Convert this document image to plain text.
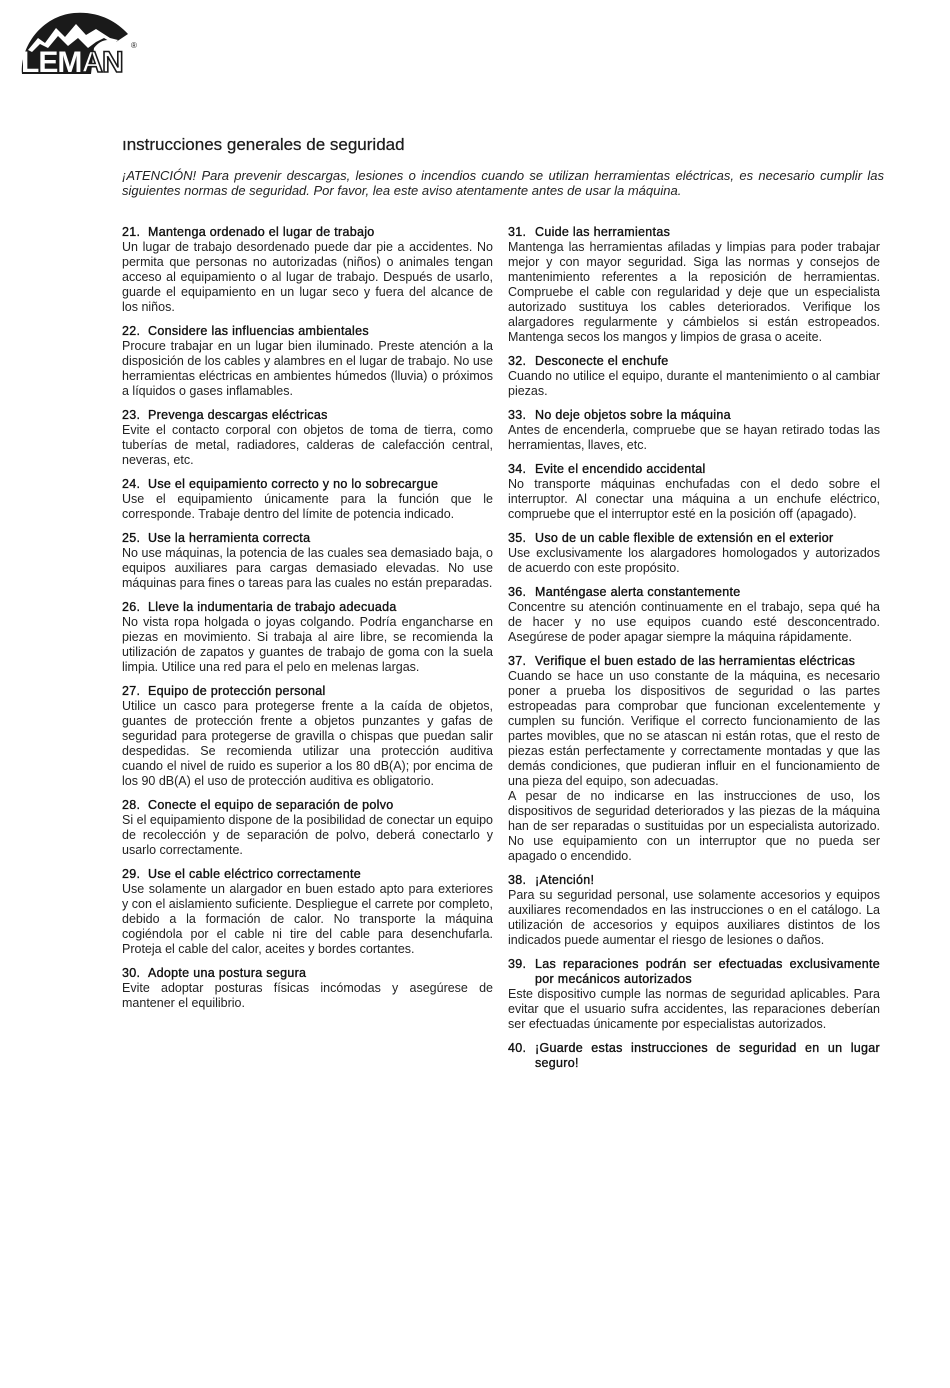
LEMAN
®
ınstrucciones generales de seguridad

¡ATENCIÓN! Para prevenir descargas, lesiones o incendios cuando se utilizan herramientas eléctricas, es necesario cumplir las siguientes normas de seguridad. Por favor, lea este aviso atentamente antes de usar la máquina.

21. Mantenga ordenado el lugar de trabajo

Un lugar de trabajo desordenado puede dar pie a accidentes. No permita que personas no autorizadas (niños) o animales tengan acceso al equipamiento o al lugar de trabajo. Después de usarlo, guarde el equipamiento en un lugar seco y fuera del alcance de los niños.

22. Considere las influencias ambientales

Procure trabajar en un lugar bien iluminado. Preste atención a la disposición de los cables y alambres en el lugar de trabajo. No use herramientas eléctricas en ambientes húmedos (lluvia) o próximos a líquidos o gases inflamables.

23. Prevenga descargas eléctricas

Evite el contacto corporal con objetos de toma de tierra, como tuberías de metal, radiadores, calderas de calefacción central, neveras, etc.

24. Use el equipamiento correcto y no lo sobrecargue

Use el equipamiento únicamente para la función que le corresponde. Trabaje dentro del límite de potencia indicado.

25. Use la herramienta correcta

No use máquinas, la potencia de las cuales sea demasiado baja, o equipos auxiliares para cargas demasiado elevadas. No use máquinas para fines o tareas para las cuales no están preparadas.

26. Lleve la indumentaria de trabajo adecuada

No vista ropa holgada o joyas colgando. Podría engancharse en piezas en movimiento. Si trabaja al aire libre, se recomienda la utilización de zapatos y guantes de trabajo de goma con la suela limpia. Utilice una red para el pelo en melenas largas.

27. Equipo de protección personal

Utilice un casco para protegerse frente a la caída de objetos, guantes de protección frente a objetos punzantes y gafas de seguridad para protegerse de gravilla o chispas que puedan salir despedidas. Se recomienda utilizar una protección auditiva cuando el nivel de ruido es superior a los 80 dB(A); por encima de los 90 dB(A) el uso de protección auditiva es obligatorio.

28. Conecte el equipo de separación de polvo

Si el equipamiento dispone de la posibilidad de conectar un equipo de recolección y de separación de polvo, deberá conectarlo y usarlo correctamente.

29. Use el cable eléctrico correctamente

Use solamente un alargador en buen estado apto para exteriores y con el aislamiento suficiente. Despliegue el carrete por completo, debido a la formación de calor. No transporte la máquina cogiéndola por el cable ni tire del cable para desenchufarla. Proteja el cable del calor, aceites y bordes cortantes.

30. Adopte una postura segura

Evite adoptar posturas físicas incómodas y asegúrese de mantener el equilibrio.

31. Cuide las herramientas

Mantenga las herramientas afiladas y limpias para poder trabajar mejor y con mayor seguridad. Siga las normas y consejos de mantenimiento referentes a la reposición de herramientas. Compruebe el cable con regularidad y deje que un especialista autorizado sustituya los cables deteriorados. Verifique los alargadores regularmente y cámbielos si están estropeados. Mantenga secos los mangos y limpios de grasa o aceite.

32. Desconecte el enchufe

Cuando no utilice el equipo, durante el mantenimiento o al cambiar piezas.

33. No deje objetos sobre la máquina

Antes de encenderla, compruebe que se hayan retirado todas las herramientas, llaves, etc.

34. Evite el encendido accidental

No transporte máquinas enchufadas con el dedo sobre el interruptor. Al conectar una máquina a un enchufe eléctrico, compruebe que el interruptor esté en la posición off (apagado).

35. Uso de un cable flexible de extensión en el exterior

Use exclusivamente los alargadores homologados y autorizados de acuerdo con este propósito.

36. Manténgase alerta constantemente

Concentre su atención continuamente en el trabajo, sepa qué ha de hacer y no use equipos cuando esté desconcentrado. Asegúrese de poder apagar siempre la máquina rápidamente.

37. Verifique el buen estado de las herramientas eléctricas

Cuando se hace un uso constante de la máquina, es necesario poner a prueba los dispositivos de seguridad o las partes estropeadas para comprobar que funcionan excelentemente y cumplen su función. Verifique el correcto funcionamiento de las partes movibles, que no se atascan ni están rotas, que el resto de piezas están perfectamente y correctamente montadas y que las demás condiciones, que pudieran influir en el funcionamiento de una pieza del equipo, son adecuadas.

A pesar de no indicarse en las instrucciones de uso, los dispositivos de seguridad deteriorados y las piezas de la máquina han de ser reparadas o sustituidas por un especialista autorizado. No use equipamiento con un interruptor que no pueda ser apagado o encendido.

38. ¡Atención!

Para su seguridad personal, use solamente accesorios y equipos auxiliares recomendados en las instrucciones o en el catálogo. La utilización de accesorios y equipos auxiliares distintos de los indicados puede aumentar el riesgo de lesiones o daños.

39. Las reparaciones podrán ser efectuadas exclusivamente por mecánicos autorizados

Este dispositivo cumple las normas de seguridad aplicables. Para evitar que el usuario sufra accidentes, las reparaciones deberían ser efectuadas únicamente por especialistas autorizados.

40. ¡Guarde estas instrucciones de seguridad en un lugar seguro!
